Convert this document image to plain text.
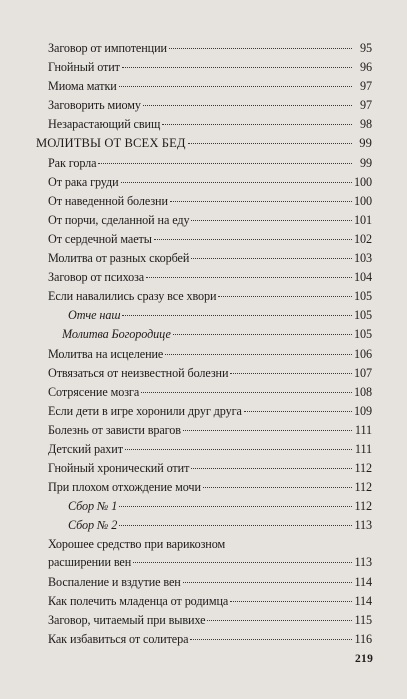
Заговор от импотенции	95
Гнойный отит	96
Миома матки	97
Заговорить миому	97
Незарастающий свищ	98
МОЛИТВЫ ОТ ВСЕХ БЕД	99
Рак горла	99
От рака груди	100
От наведенной болезни	100
От порчи, сделанной на еду	101
От сердечной маеты	102
Молитва от разных скорбей	103
Заговор от психоза	104
Если навалились сразу все хвори	105
Отче наш	105
Молитва Богородице	105
Молитва на исцеление	106
Отвязаться от неизвестной болезни	107
Сотрясение мозга	108
Если дети в игре хоронили друг друга	109
Болезнь от зависти врагов	111
Детский рахит	111
Гнойный хронический отит	112
При плохом отхождение мочи	112
Сбор № 1	112
Сбор № 2	113
Хорошее средство при варикозном
расширении вен	113
Воспаление и вздутие вен	114
Как полечить младенца от родимца	114
Заговор, читаемый при вывихе	115
Как избавиться от солитера	116
219
